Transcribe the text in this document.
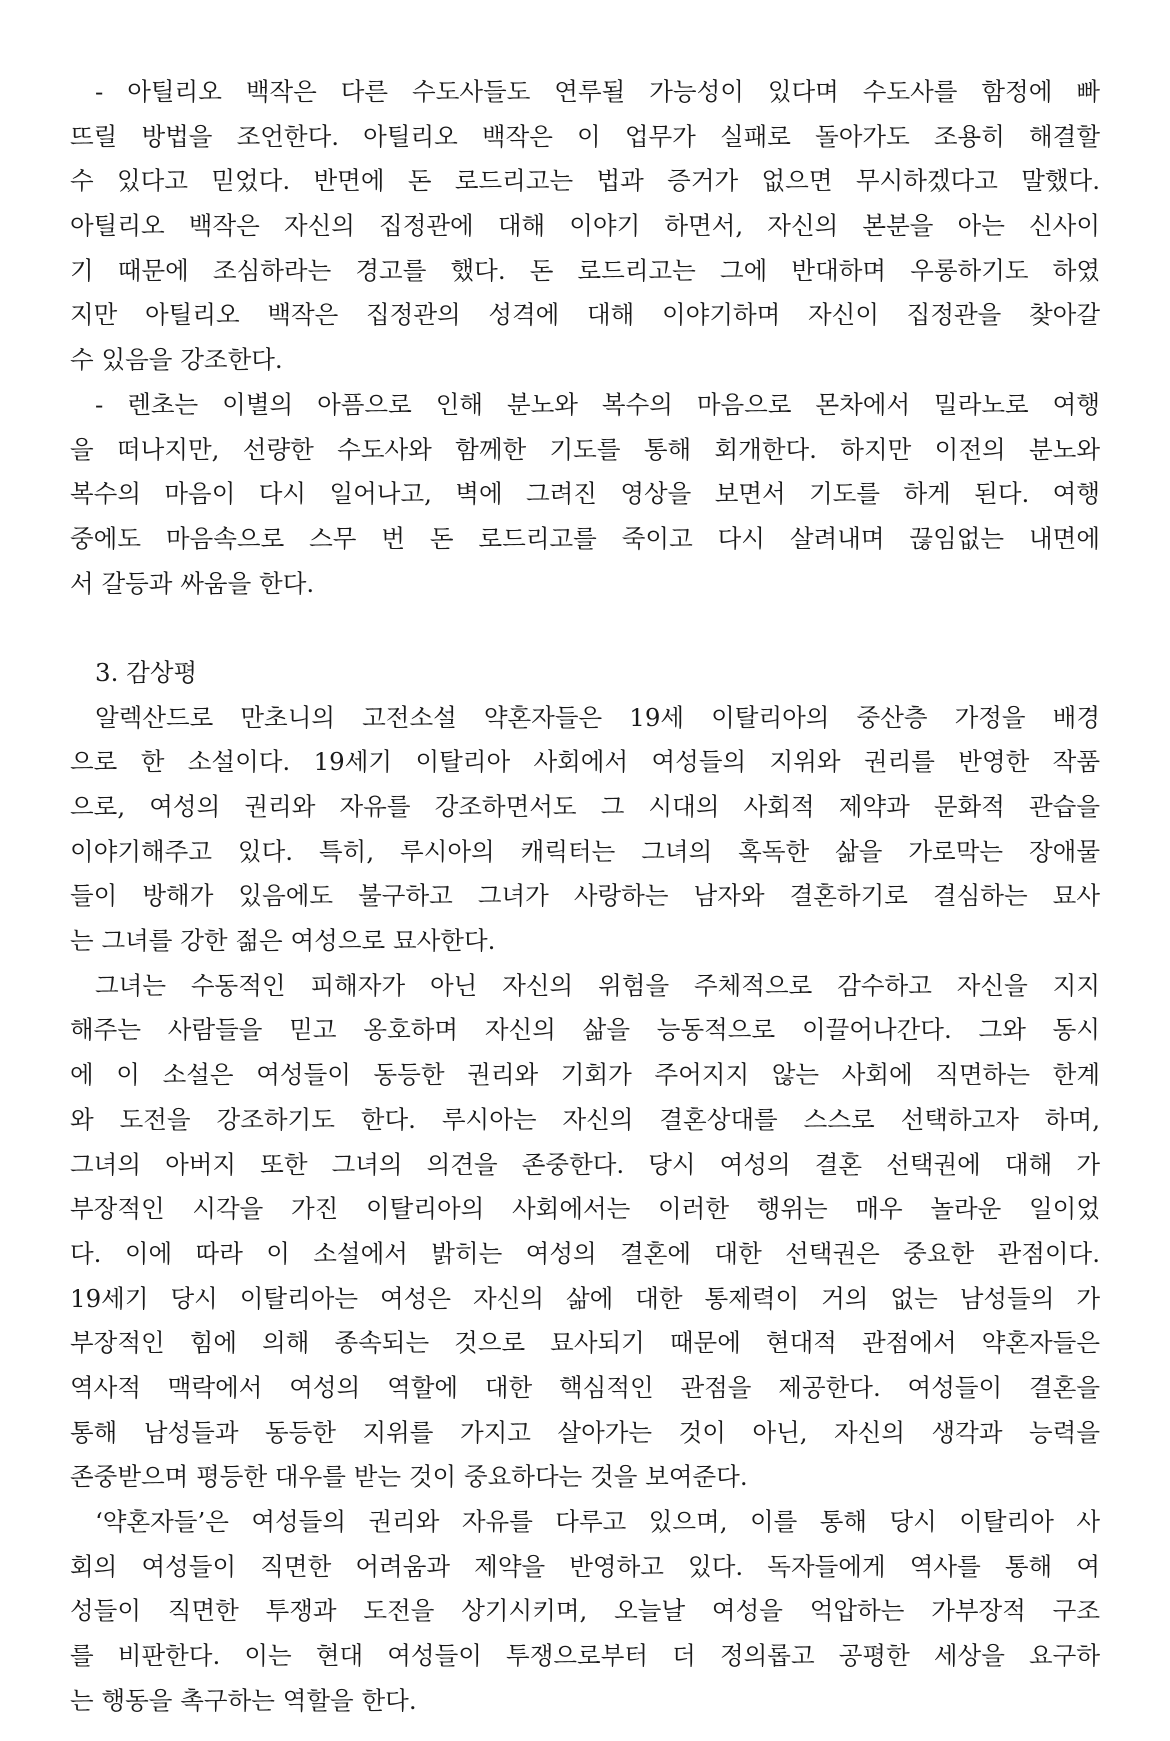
- 아틸리오 백작은 다른 수도사들도 연루될 가능성이 있다며 수도사를 함정에 빠
뜨릴 방법을 조언한다. 아틸리오 백작은 이 업무가 실패로 돌아가도 조용히 해결할
수 있다고 믿었다. 반면에 돈 로드리고는 법과 증거가 없으면 무시하겠다고 말했다.
아틸리오 백작은 자신의 집정관에 대해 이야기 하면서, 자신의 본분을 아는 신사이
기 때문에 조심하라는 경고를 했다. 돈 로드리고는 그에 반대하며 우롱하기도 하였
지만 아틸리오 백작은 집정관의 성격에 대해 이야기하며 자신이 집정관을 찾아갈
수 있음을 강조한다.
- 렌초는 이별의 아픔으로 인해 분노와 복수의 마음으로 몬차에서 밀라노로 여행
을 떠나지만, 선량한 수도사와 함께한 기도를 통해 회개한다. 하지만 이전의 분노와
복수의 마음이 다시 일어나고, 벽에 그려진 영상을 보면서 기도를 하게 된다. 여행
중에도 마음속으로 스무 번 돈 로드리고를 죽이고 다시 살려내며 끊임없는 내면에
서 갈등과 싸움을 한다.
3. 감상평
알렉산드로 만초니의 고전소설 약혼자들은 19세 이탈리아의 중산층 가정을 배경
으로 한 소설이다. 19세기 이탈리아 사회에서 여성들의 지위와 권리를 반영한 작품
으로, 여성의 권리와 자유를 강조하면서도 그 시대의 사회적 제약과 문화적 관습을
이야기해주고 있다. 특히, 루시아의 캐릭터는 그녀의 혹독한 삶을 가로막는 장애물
들이 방해가 있음에도 불구하고 그녀가 사랑하는 남자와 결혼하기로 결심하는 묘사
는 그녀를 강한 젊은 여성으로 묘사한다.
그녀는 수동적인 피해자가 아닌 자신의 위험을 주체적으로 감수하고 자신을 지지
해주는 사람들을 믿고 옹호하며 자신의 삶을 능동적으로 이끌어나간다. 그와 동시
에 이 소설은 여성들이 동등한 권리와 기회가 주어지지 않는 사회에 직면하는 한계
와 도전을 강조하기도 한다. 루시아는 자신의 결혼상대를 스스로 선택하고자 하며,
그녀의 아버지 또한 그녀의 의견을 존중한다. 당시 여성의 결혼 선택권에 대해 가
부장적인 시각을 가진 이탈리아의 사회에서는 이러한 행위는 매우 놀라운 일이었
다. 이에 따라 이 소설에서 밝히는 여성의 결혼에 대한 선택권은 중요한 관점이다.
19세기 당시 이탈리아는 여성은 자신의 삶에 대한 통제력이 거의 없는 남성들의 가
부장적인 힘에 의해 종속되는 것으로 묘사되기 때문에 현대적 관점에서 약혼자들은
역사적 맥락에서 여성의 역할에 대한 핵심적인 관점을 제공한다. 여성들이 결혼을
통해 남성들과 동등한 지위를 가지고 살아가는 것이 아닌, 자신의 생각과 능력을
존중받으며 평등한 대우를 받는 것이 중요하다는 것을 보여준다.
‘약혼자들’은 여성들의 권리와 자유를 다루고 있으며, 이를 통해 당시 이탈리아 사
회의 여성들이 직면한 어려움과 제약을 반영하고 있다. 독자들에게 역사를 통해 여
성들이 직면한 투쟁과 도전을 상기시키며, 오늘날 여성을 억압하는 가부장적 구조
를 비판한다. 이는 현대 여성들이 투쟁으로부터 더 정의롭고 공평한 세상을 요구하
는 행동을 촉구하는 역할을 한다.
